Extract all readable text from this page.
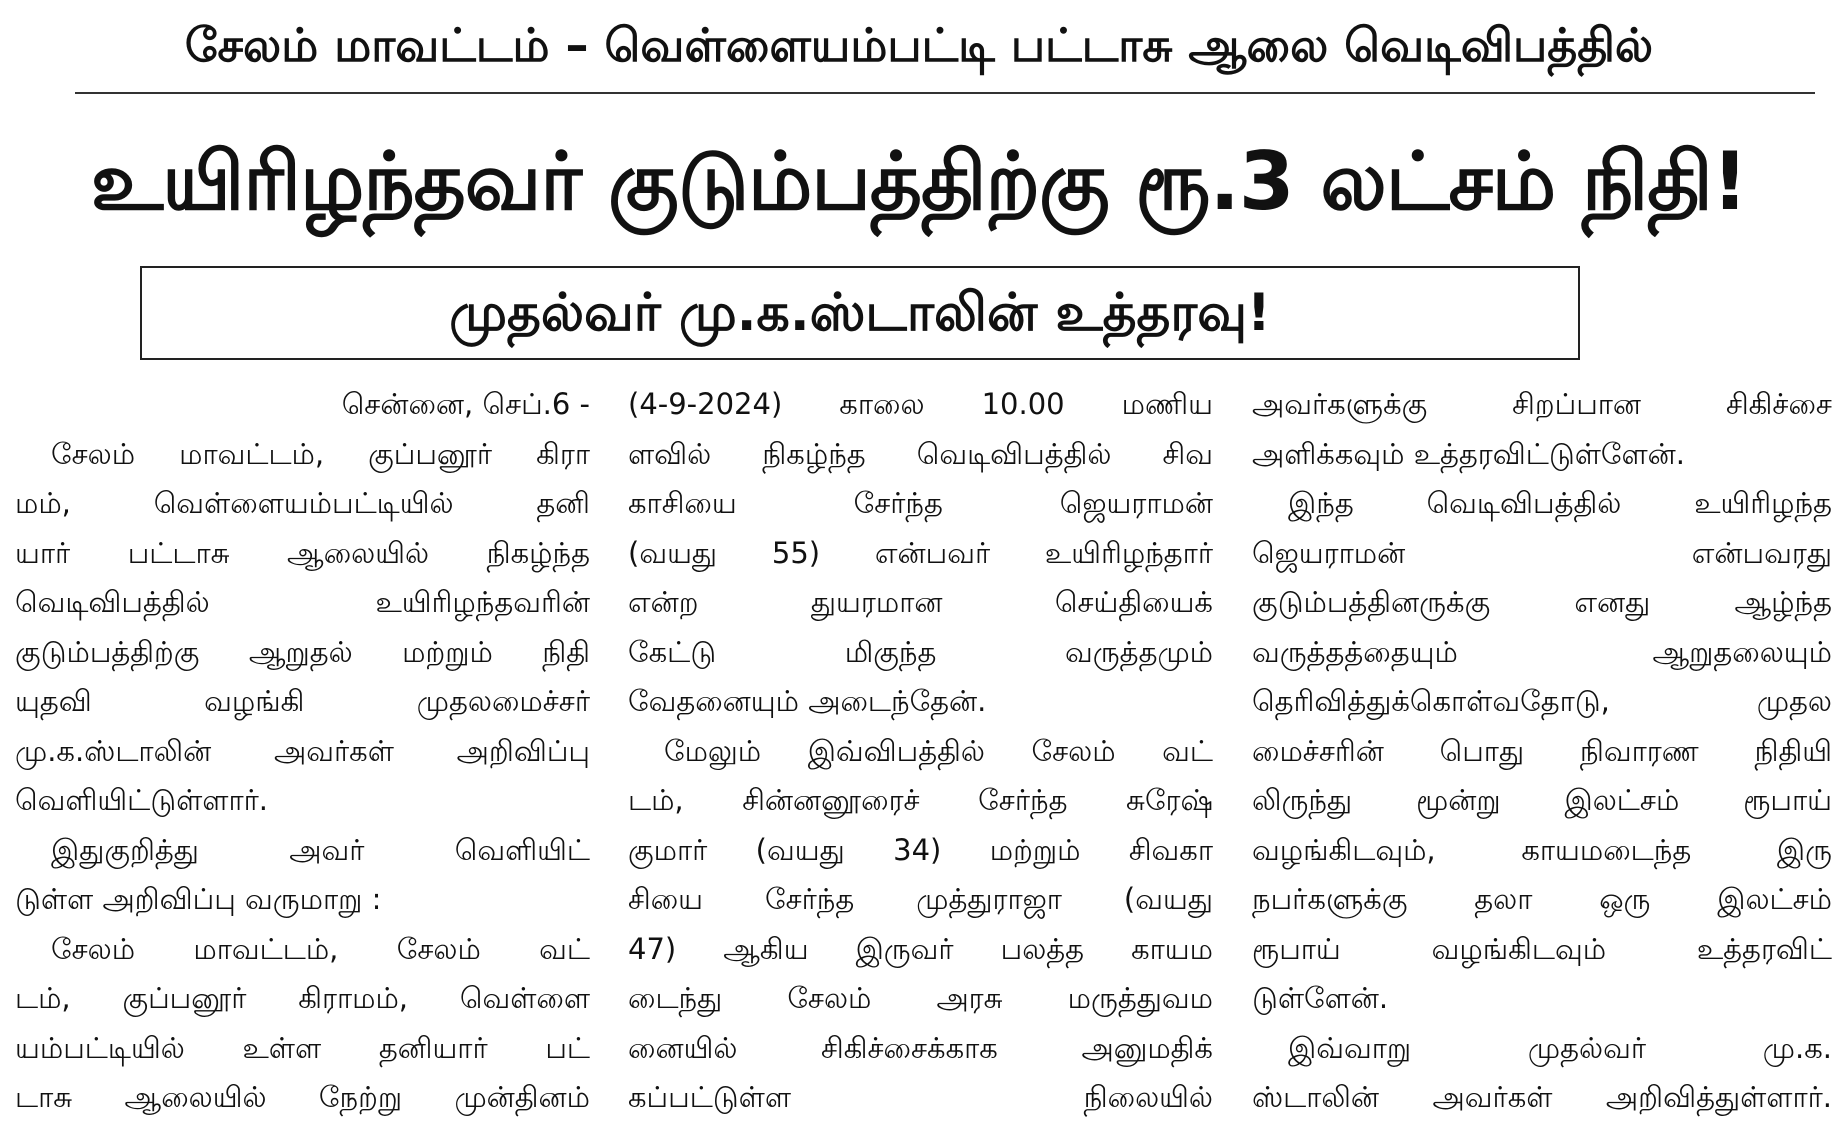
சேலம் மாவட்டம் – வெள்ளையம்பட்டி பட்டாசு ஆலை வெடிவிபத்தில்
உயிரிழந்தவர் குடும்பத்திற்கு ரூ.3 லட்சம் நிதி!
முதல்வர் மு.க.ஸ்டாலின் உத்தரவு!
சென்னை, செப்.6 -
சேலம் மாவட்டம், குப்பனூர் கிரா
மம், வெள்ளையம்பட்டியில் தனி
யார் பட்டாசு ஆலையில் நிகழ்ந்த
வெடிவிபத்தில் உயிரிழந்தவரின்
குடும்பத்திற்கு ஆறுதல் மற்றும் நிதி
யுதவி வழங்கி முதலமைச்சர்
மு.க.ஸ்டாலின் அவர்கள் அறிவிப்பு
வெளியிட்டுள்ளார்.
இதுகுறித்து அவர் வெளியிட்
டுள்ள அறிவிப்பு வருமாறு :
சேலம் மாவட்டம், சேலம் வட்
டம், குப்பனூர் கிராமம், வெள்ளை
யம்பட்டியில் உள்ள தனியார் பட்
டாசு ஆலையில் நேற்று முன்தினம்
(4-9-2024) காலை 10.00 மணிய
ளவில் நிகழ்ந்த வெடிவிபத்தில் சிவ
காசியை சேர்ந்த ஜெயராமன்
(வயது 55) என்பவர் உயிரிழந்தார்
என்ற துயரமான செய்தியைக்
கேட்டு மிகுந்த வருத்தமும்
வேதனையும் அடைந்தேன்.
மேலும் இவ்விபத்தில் சேலம் வட்
டம், சின்னனூரைச் சேர்ந்த சுரேஷ்
குமார் (வயது 34) மற்றும் சிவகா
சியை சேர்ந்த முத்துராஜா (வயது
47) ஆகிய இருவர் பலத்த காயம
டைந்து சேலம் அரசு மருத்துவம
னையில் சிகிச்சைக்காக அனுமதிக்
கப்பட்டுள்ள நிலையில்
அவர்களுக்கு சிறப்பான சிகிச்சை
அளிக்கவும் உத்தரவிட்டுள்ளேன்.
இந்த வெடிவிபத்தில் உயிரிழந்த
ஜெயராமன் என்பவரது
குடும்பத்தினருக்கு எனது ஆழ்ந்த
வருத்தத்தையும் ஆறுதலையும்
தெரிவித்துக்கொள்வதோடு, முதல
மைச்சரின் பொது நிவாரண நிதியி
லிருந்து மூன்று இலட்சம் ரூபாய்
வழங்கிடவும், காயமடைந்த இரு
நபர்களுக்கு தலா ஒரு இலட்சம்
ரூபாய் வழங்கிடவும் உத்தரவிட்
டுள்ளேன்.
இவ்வாறு முதல்வர் மு.க.
ஸ்டாலின் அவர்கள் அறிவித்துள்ளார்.
